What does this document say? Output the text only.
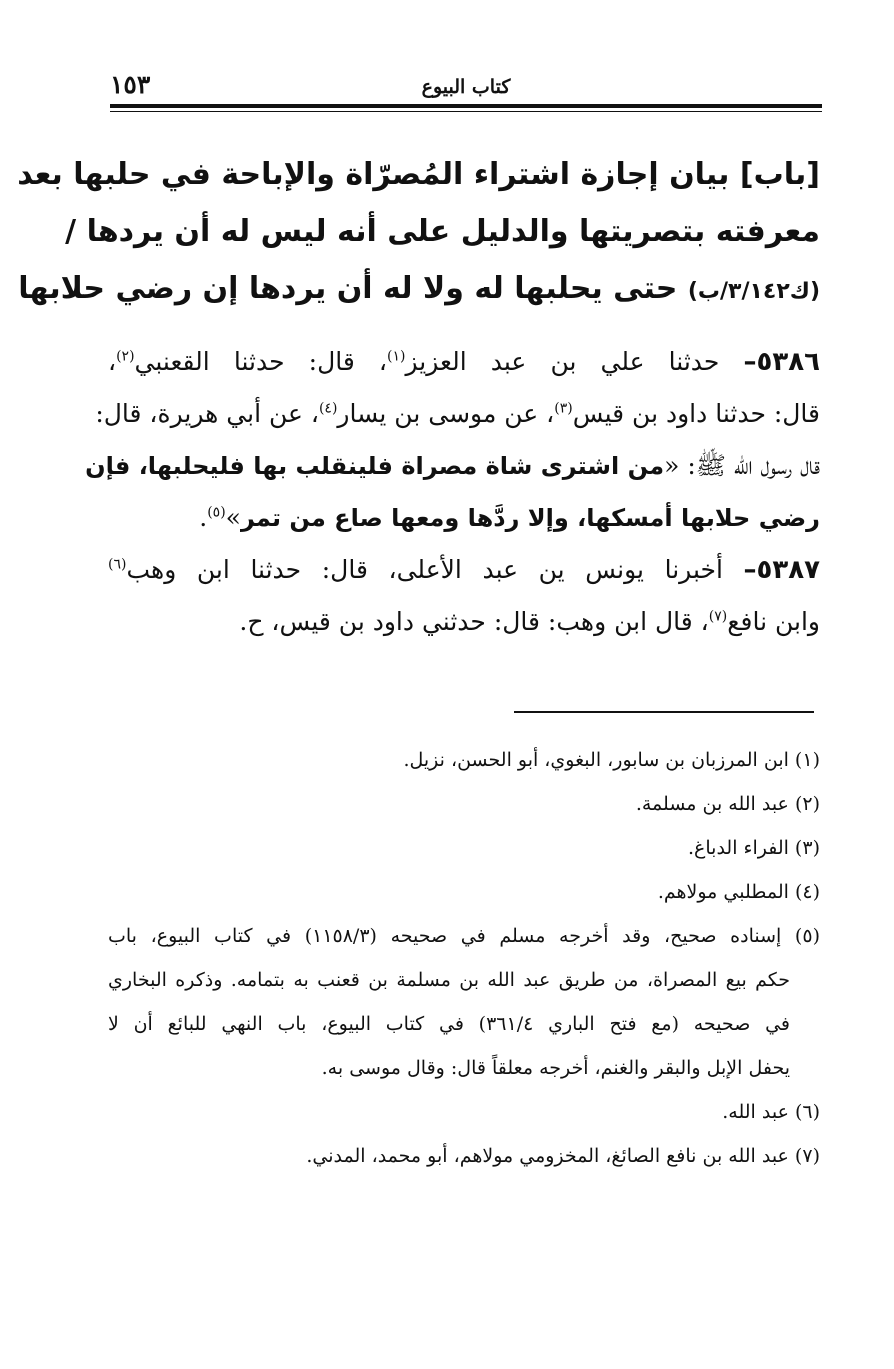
كتاب البيوع
١٥٣
[باب] بيان إجازة اشتراء المُصرّاة والإباحة في حلبها بعد
معرفته بتصريتها والدليل على أنه ليس له أن يردها /
(ك٣/١٤٢/ب) حتى يحلبها له ولا له أن يردها إن رضي حلابها
٥٣٨٦– حدثنا علي بن عبد العزيز$^{(١)}$، قال: حدثنا القعنبي$^{(٢)}$،
قال: حدثنا داود بن قيس$^{(٣)}$، عن موسى بن يسار$^{(٤)}$، عن أبي هريرة، قال:
قال رسول الله ﷺ: «من اشترى شاة مصراة فلينقلب بها فليحلبها، فإن
رضي حلابها أمسكها، وإلا ردَّها ومعها صاع من تمر»$^{(٥)}$.
٥٣٨٧– أخبرنا يونس ين عبد الأعلى، قال: حدثنا ابن وهب$^{(٦)}$
وابن نافع$^{(٧)}$، قال ابن وهب: قال: حدثني داود بن قيس، ح.
(١) ابن المرزبان بن سابور، البغوي، أبو الحسن، نزيل.
(٢) عبد الله بن مسلمة.
(٣) الفراء الدباغ.
(٤) المطلبي مولاهم.
(٥) إسناده صحيح، وقد أخرجه مسلم في صحيحه (١١٥٨/٣) في كتاب البيوع، باب
حكم بيع المصراة، من طريق عبد الله بن مسلمة بن قعنب به بتمامه. وذكره البخاري
في صحيحه (مع فتح الباري ٣٦١/٤) في كتاب البيوع، باب النهي للبائع أن لا
يحفل الإبل والبقر والغنم، أخرجه معلقاً قال: وقال موسى به.
(٦) عبد الله.
(٧) عبد الله بن نافع الصائغ، المخزومي مولاهم، أبو محمد، المدني.
